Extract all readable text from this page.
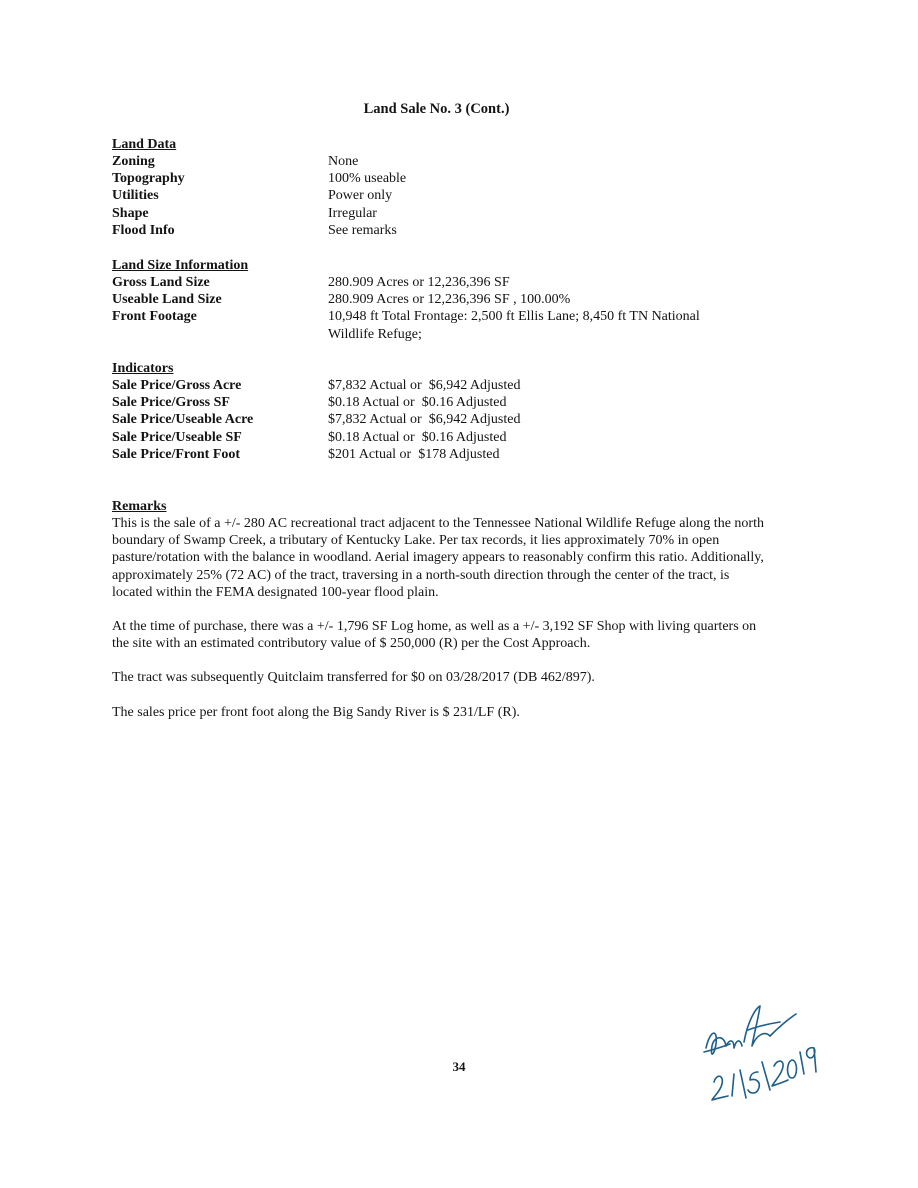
Land Sale No. 3 (Cont.)
Land Data
Zoning	None
Topography	100% useable
Utilities	Power only
Shape	Irregular
Flood Info	See remarks
Land Size Information
Gross Land Size	280.909 Acres or 12,236,396 SF
Useable Land Size	280.909 Acres or 12,236,396 SF , 100.00%
Front Footage	10,948 ft Total Frontage: 2,500 ft Ellis Lane; 8,450 ft TN National Wildlife Refuge;
Indicators
Sale Price/Gross Acre	$7,832 Actual or  $6,942 Adjusted
Sale Price/Gross SF	$0.18 Actual or  $0.16 Adjusted
Sale Price/Useable Acre	$7,832 Actual or  $6,942 Adjusted
Sale Price/Useable SF	$0.18 Actual or  $0.16 Adjusted
Sale Price/Front Foot	$201 Actual or  $178 Adjusted
Remarks

This is the sale of a +/- 280 AC recreational tract adjacent to the Tennessee National Wildlife Refuge along the north boundary of Swamp Creek, a tributary of Kentucky Lake. Per tax records, it lies approximately 70% in open pasture/rotation with the balance in woodland. Aerial imagery appears to reasonably confirm this ratio. Additionally, approximately 25% (72 AC) of the tract, traversing in a north-south direction through the center of the tract, is located within the FEMA designated 100-year flood plain.

At the time of purchase, there was a +/- 1,796 SF Log home, as well as a +/- 3,192 SF Shop with living quarters on the site with an estimated contributory value of $ 250,000 (R) per the Cost Approach.

The tract was subsequently Quitclaim transferred for $0 on 03/28/2017 (DB 462/897).

The sales price per front foot along the Big Sandy River is $ 231/LF (R).

34
